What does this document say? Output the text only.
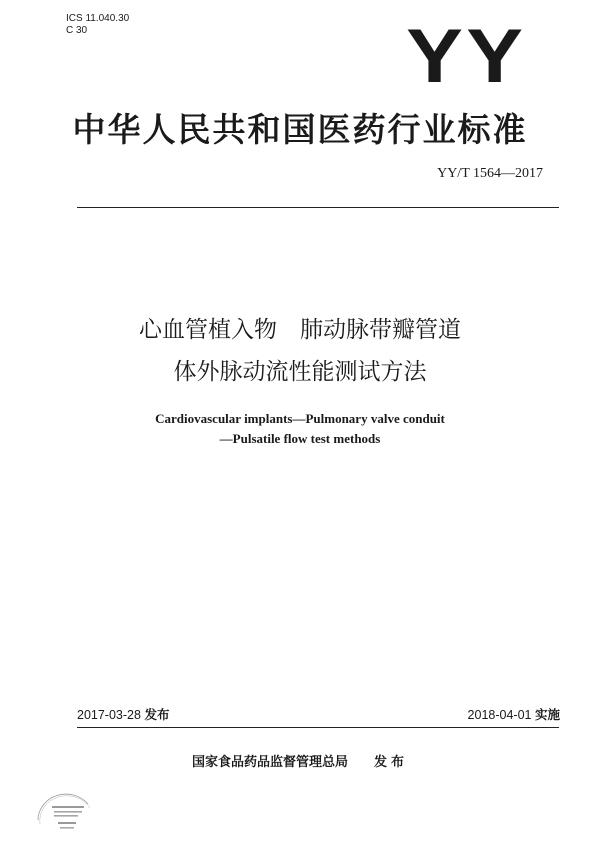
ICS 11.040.30
C 30	YY
中华人民共和国医药行业标准
YY/T 1564—2017
心血管植入物　肺动脉带瓣管道
体外脉动流性能测试方法
Cardiovascular implants—Pulmonary valve conduit
—Pulsatile flow test methods
2017-03-28 发布	2018-04-01 实施
国家食品药品监督管理总局 发布
